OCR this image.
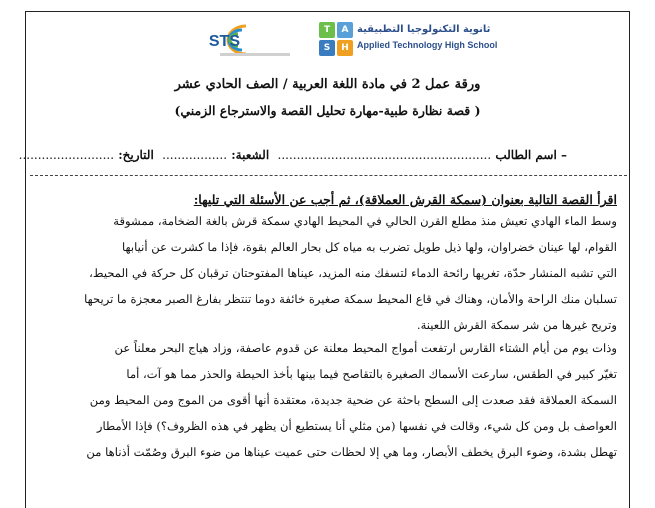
STS
A
T
H
S
ثانوية التكنولوجيا التطبيقية
Applied Technology High School
ورقة عمل 2 في مادة اللغة العربية / الصف الحادي عشر
( قصة نظارة طبية-مهارة تحليل القصة والاسترجاع الزمني)
– اسم الطالب ........................................................  الشعبة: .................  التاريخ: .........................
اقرأ القصة التالية بعنوان (سمكة القرش العملاقة)، ثم أجب عن الأسئلة التي تليها:
وسط الماء الهادي تعيش منذ مطلع القرن الحالي في المحيط الهادي سمكة قرش بالغة الضخامة، ممشوقة
القوام، لها عينان خضراوان، ولها ذيل طويل تضرب به مياه كل بحار العالم بقوة، فإذا ما كشرت عن أنيابها
التي تشبه المنشار حدّة، تغريها رائحة الدماء لتسفك منه المزيد، عيناها المفتوحتان ترقبان كل حركة في المحيط،
تسلبان منك الراحة والأمان، وهناك في قاع المحيط سمكة صغيرة خائفة دوما تنتظر بفارغ الصبر معجزة ما تريحها
وتريح غيرها من شر سمكة القرش اللعينة.
وذات يوم من أيام الشتاء القارس ارتفعت أمواج المحيط معلنة عن قدوم عاصفة، وزاد هياج البحر معلناً عن
تغيّر كبير في الطقس، سارعت الأسماك الصغيرة بالتقاصح فيما بينها بأخذ الحيطة والحذر مما هو آت، أما
السمكة العملاقة فقد صعدت إلى السطح باحثة عن ضحية جديدة، معتقدة أنها أقوى من الموج ومن المحيط ومن
العواصف بل ومن كل شيء، وقالت في نفسها (من مثلي أنا يستطيع أن يظهر في هذه الظروف؟) فإذا الأمطار
تهطل بشدة، وضوء البرق يخطف الأبصار، وما هي إلا لحظات حتى عميت عيناها من ضوء البرق وصُمّت أذناها من
